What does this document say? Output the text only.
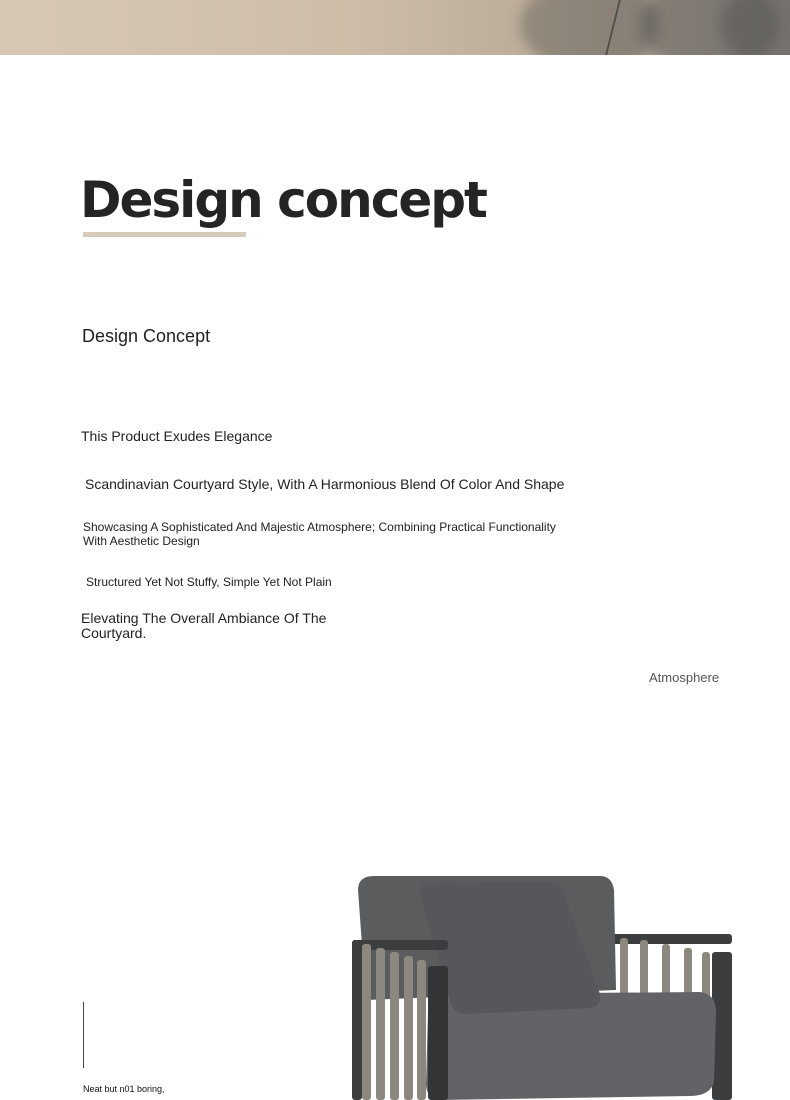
Design concept

Design Concept

This Product Exudes Elegance

Scandinavian Courtyard Style, With A Harmonious Blend Of Color And Shape

Showcasing A Sophisticated And Majestic Atmosphere; Combining Practical Functionality With Aesthetic Design

Structured Yet Not Stuffy, Simple Yet Not Plain

Elevating The Overall Ambiance Of The Courtyard.

Atmosphere

Neat but n01 boring,
